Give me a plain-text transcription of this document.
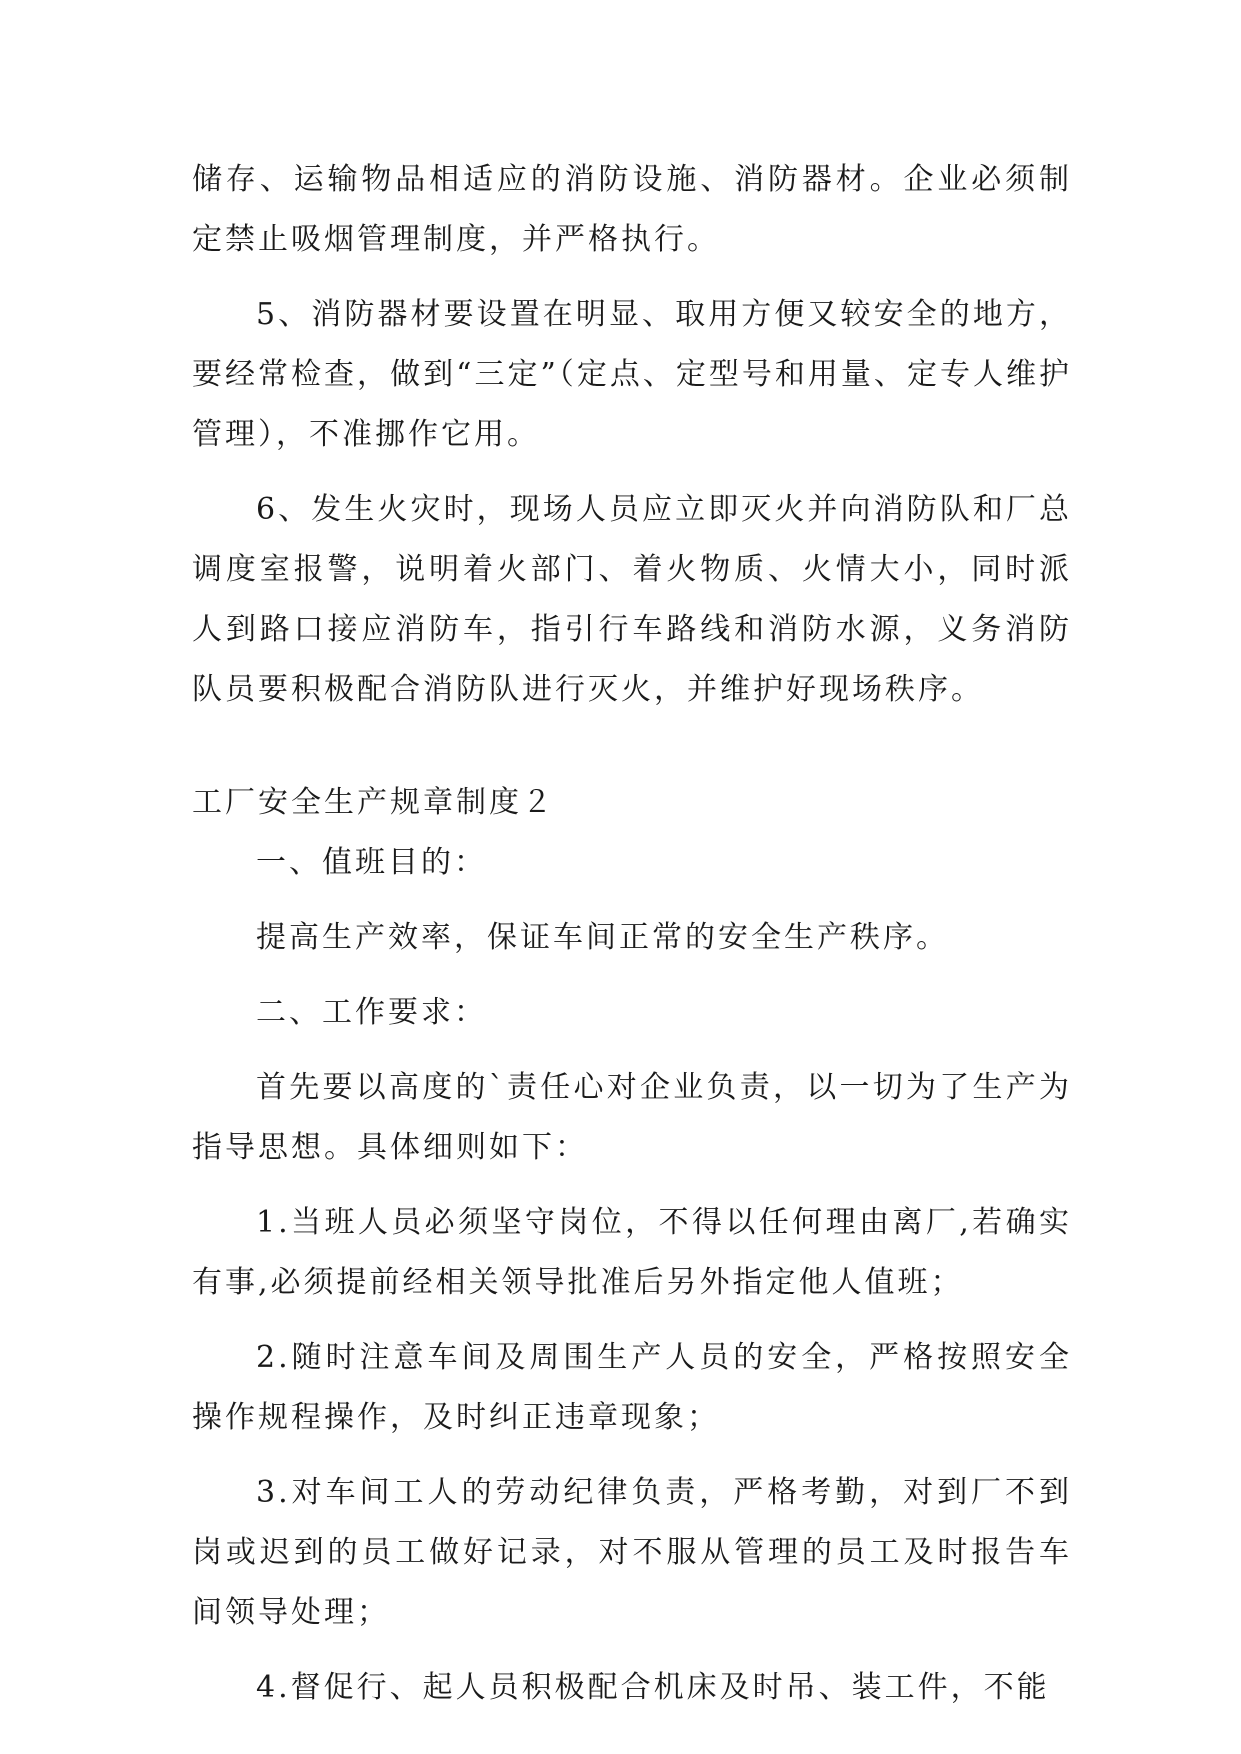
储存、运输物品相适应的消防设施、消防器材。企业必须制定禁止吸烟管理制度，并严格执行。

5、消防器材要设置在明显、取用方便又较安全的地方，要经常检查，做到“三定”（定点、定型号和用量、定专人维护管理），不准挪作它用。

6、发生火灾时，现场人员应立即灭火并向消防队和厂总调度室报警，说明着火部门、着火物质、火情大小，同时派人到路口接应消防车，指引行车路线和消防水源，义务消防队员要积极配合消防队进行灭火，并维护好现场秩序。

工厂安全生产规章制度２

一、值班目的：

提高生产效率，保证车间正常的安全生产秩序。

二、工作要求：

首先要以高度的`责任心对企业负责，以一切为了生产为指导思想。具体细则如下：

1.当班人员必须坚守岗位，不得以任何理由离厂,若确实有事,必须提前经相关领导批准后另外指定他人值班；

2.随时注意车间及周围生产人员的安全，严格按照安全操作规程操作，及时纠正违章现象；

3.对车间工人的劳动纪律负责，严格考勤，对到厂不到岗或迟到的员工做好记录，对不服从管理的员工及时报告车间领导处理；

4.督促行、起人员积极配合机床及时吊、装工件，不能
